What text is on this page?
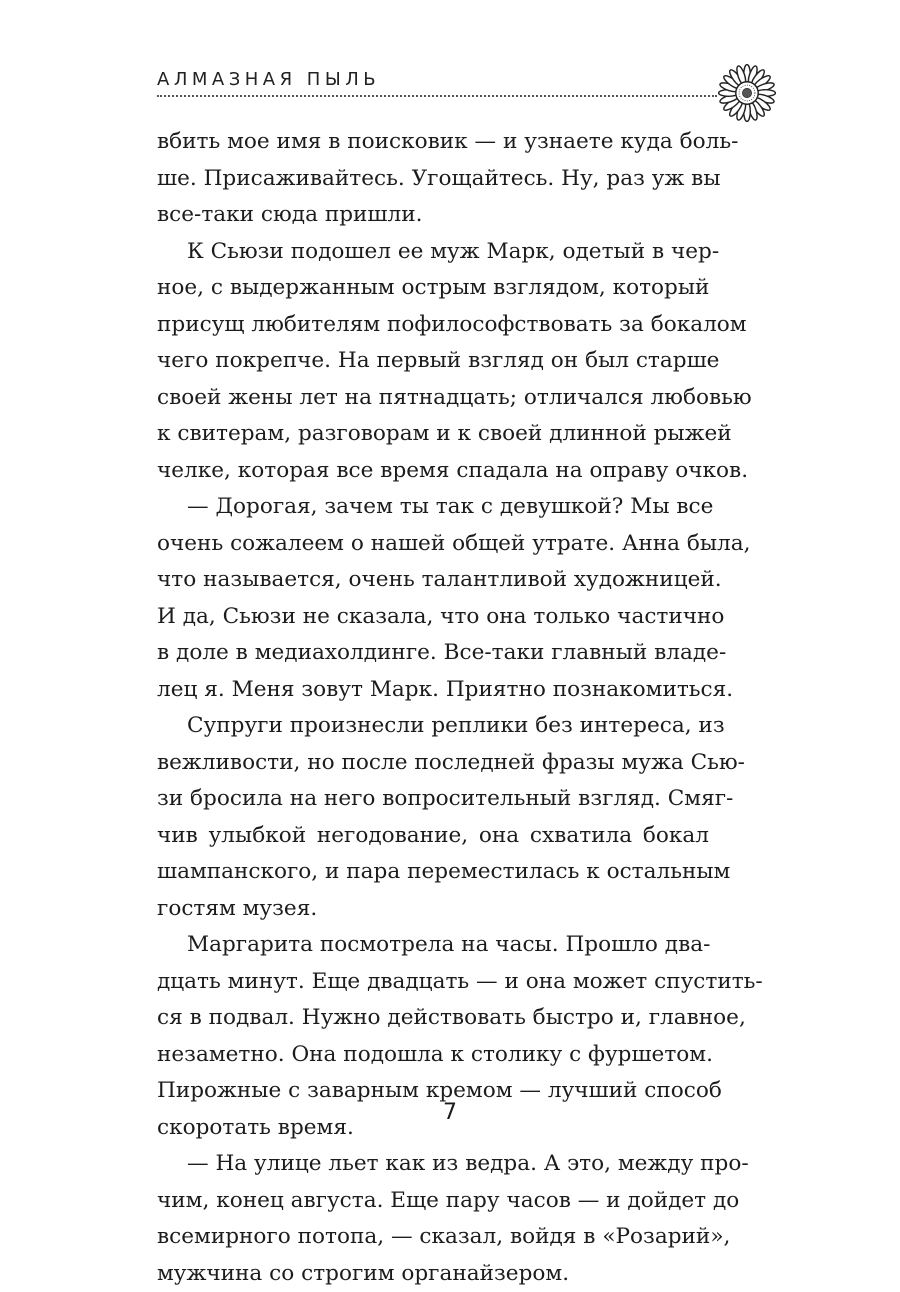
АЛМАЗНАЯ ПЫЛЬ
вбить мое имя в поисковик — и узнаете куда боль-
ше. Присаживайтесь. Угощайтесь. Ну, раз уж вы
все-таки сюда пришли.
К Сьюзи подошел ее муж Марк, одетый в чер-
ное, с выдержанным острым взглядом, который
присущ любителям пофилософствовать за бокалом
чего покрепче. На первый взгляд он был старше
своей жены лет на пятнадцать; отличался любовью
к свитерам, разговорам и к своей длинной рыжей
челке, которая все время спадала на оправу очков.
— Дорогая, зачем ты так с девушкой? Мы все
очень сожалеем о нашей общей утрате. Анна была,
что называется, очень талантливой художницей.
И да, Сьюзи не сказала, что она только частично
в доле в медиахолдинге. Все-таки главный владе-
лец я. Меня зовут Марк. Приятно познакомиться.
Супруги произнесли реплики без интереса, из
вежливости, но после последней фразы мужа Сью-
зи бросила на него вопросительный взгляд. Смяг-
чив улыбкой негодование, она схватила бокал
шампанского, и пара переместилась к остальным
гостям музея.
Маргарита посмотрела на часы. Прошло два-
дцать минут. Еще двадцать — и она может спустить-
ся в подвал. Нужно действовать быстро и, главное,
незаметно. Она подошла к столику с фуршетом.
Пирожные с заварным кремом — лучший способ
скоротать время.
— На улице льет как из ведра. А это, между про-
чим, конец августа. Еще пару часов — и дойдет до
всемирного потопа, — сказал, войдя в «Розарий»,
мужчина со строгим органайзером.
7
